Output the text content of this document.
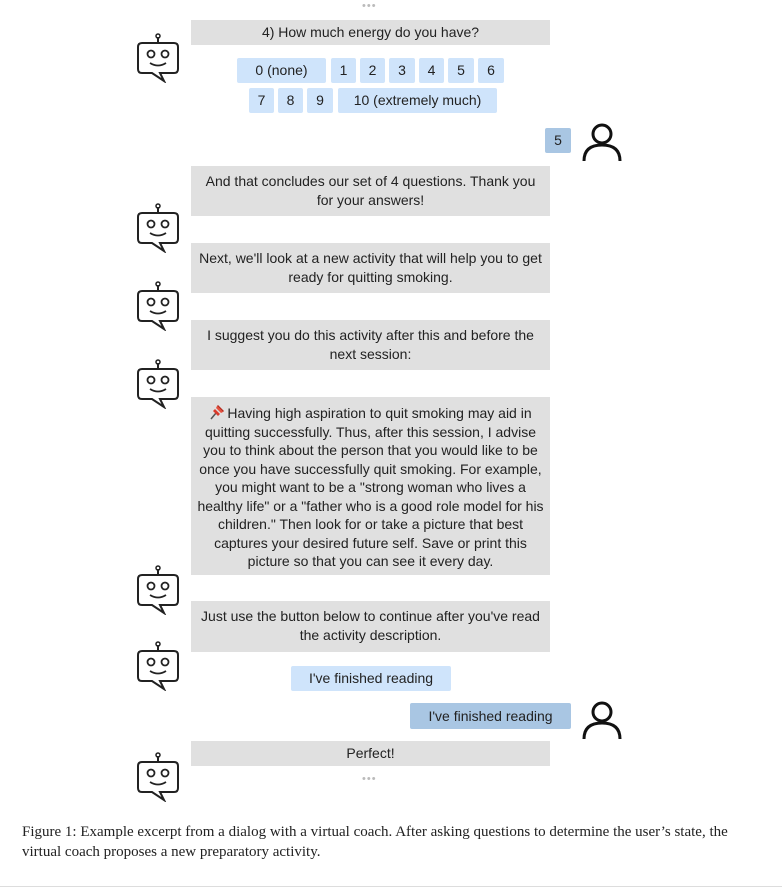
•••
4) How much energy do you have?
0 (none)	1	2	3	4	5	6
7	8	9	10 (extremely much)
5
And that concludes our set of 4 questions. Thank you for your answers!
Next, we'll look at a new activity that will help you to get ready for quitting smoking.
I suggest you do this activity after this and before the next session:
Having high aspiration to quit smoking may aid in quitting successfully. Thus, after this session, I advise you to think about the person that you would like to be once you have successfully quit smoking. For example, you might want to be a "strong woman who lives a healthy life" or a "father who is a good role model for his children." Then look for or take a picture that best captures your desired future self. Save or print this picture so that you can see it every day.
Just use the button below to continue after you've read the activity description.
I've finished reading
I've finished reading
Perfect!
•••
Figure 1: Example excerpt from a dialog with a virtual coach. After asking questions to determine the user’s state, the virtual coach proposes a new preparatory activity.
